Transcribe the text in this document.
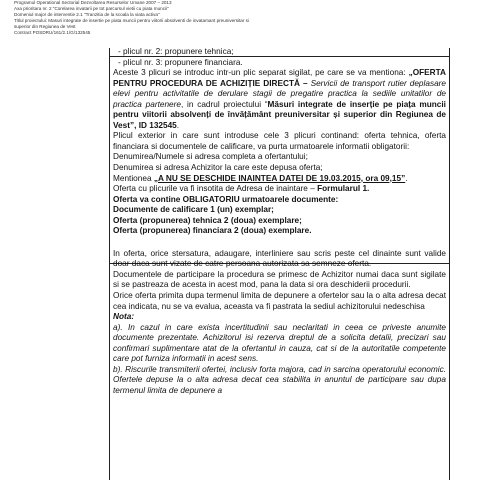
Programul Operational Sectorial Dezvoltarea Resurselor Umane 2007 – 2013
Axa prioritara nr. 2 "Corelarea invatarii pe tot parcursul vietii cu piata muncii"
Domeniul major de interventie 2.1 "Tranzitia de la scoala la viata activa"
Titlul proiectului: Masuri integrate de insertie pe piata muncii pentru viitorii absolventi de invatamant preuniversitar si
superior din Regiunea de Vest
Contract POSDRU/161/2.1/G/132545

- plicul nr. 2: propunere tehnica;

- plicul nr. 3: propunere financiara.

Aceste 3 plicuri se introduc intr-un plic separat sigilat, pe care se va mentiona: „OFERTA PENTRU PROCEDURA DE ACHIZIȚIE DIRECTĂ – Servicii de transport rutier deplasare elevi pentru activitatile de derulare stagii de pregatire practica la sediile unitatilor de practica partenere, in cadrul proiectului “Măsuri integrate de inserție pe piața muncii pentru viitorii absolvenți de învățământ preuniversitar și superior din Regiunea de Vest”, ID 132545.

Plicul exterior in care sunt introduse cele 3 plicuri continand: oferta tehnica, oferta financiara si documentele de calificare, va purta urmatoarele informatii obligatorii:

Denumirea/Numele si adresa completa a ofertantului;

Denumirea si adresa Achizitor la care este depusa oferta;

Mentionea „A NU SE DESCHIDE INAINTEA DATEI DE 19.03.2015, ora 09,15”.

Oferta cu plicurile va fi insotita de Adresa de inaintare – Formularul 1.

Oferta va contine OBLIGATORIU urmatoarele documente:

Documente de calificare 1 (un) exemplar;

Oferta (propunerea) tehnica 2 (doua) exemplare;

Oferta (propunerea) financiara 2 (doua) exemplare.

In oferta, orice stersatura, adaugare, interliniere sau scris peste cel dinainte sunt valide doar daca sunt vizate de catre persoana autorizata sa semneze oferta.

Documentele de participare la procedura se primesc de Achizitor numai daca sunt sigilate si se pastreaza de acesta in acest mod, pana la data si ora deschiderii procedurii.

Orice oferta primita dupa termenul limita de depunere a ofertelor sau la o alta adresa decat cea indicata, nu se va evalua, aceasta va fi pastrata la sediul achizitorului nedeschisa

Nota:

a). In cazul in care exista incertitudinii sau neclaritati in ceea ce priveste anumite documente prezentate. Achizitorul isi rezerva dreptul de a solicita detalii, precizari sau confirmari suplimentare atat de la ofertantul in cauza, cat si de la autoritatile competente care pot furniza informatii in acest sens.

b). Riscurile transmiterii ofertei, inclusiv forta majora, cad in sarcina operatorului economic. Ofertele depuse la o alta adresa decat cea stabilita in anuntul de participare sau dupa termenul limita de depunere a
